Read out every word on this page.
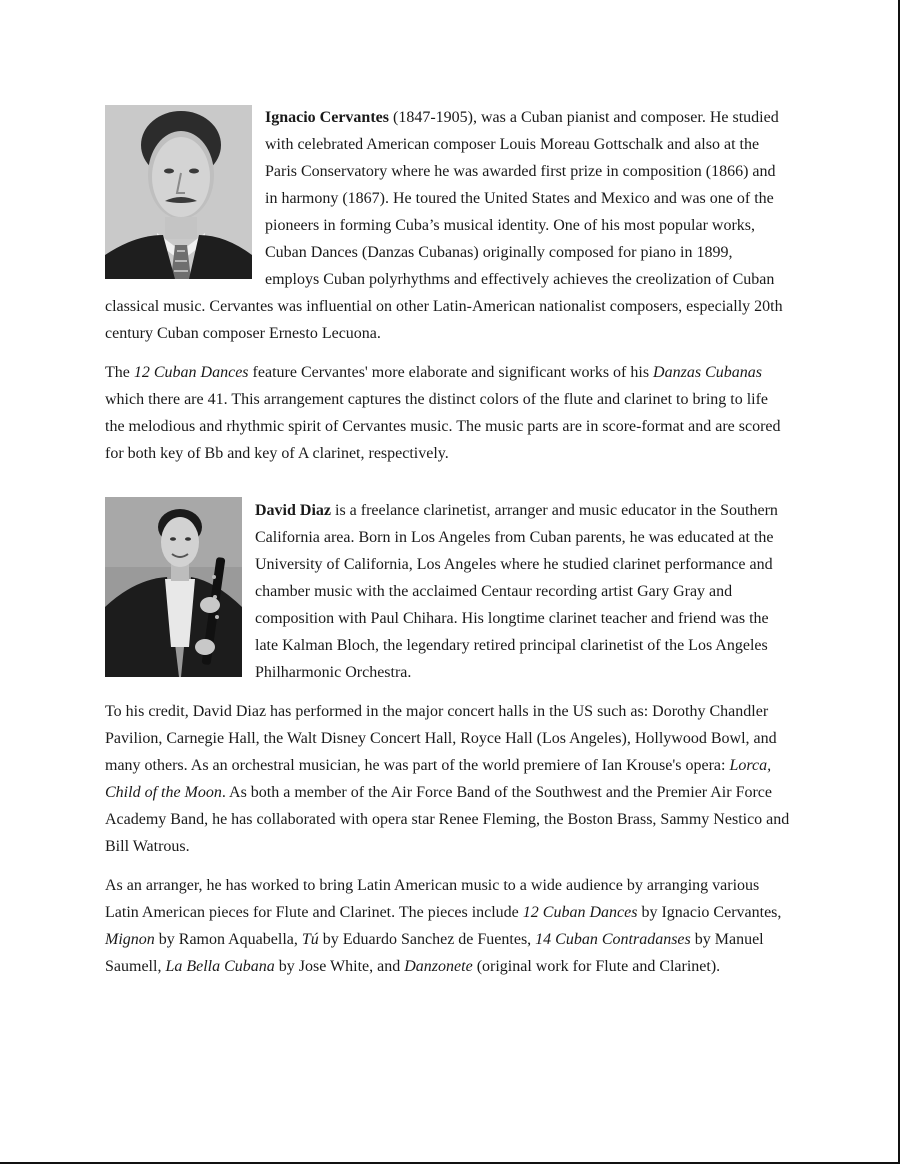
Ignacio Cervantes (1847-1905), was a Cuban pianist and composer. He studied with celebrated American composer Louis Moreau Gottschalk and also at the Paris Conservatory where he was awarded first prize in composition (1866) and in harmony (1867). He toured the United States and Mexico and was one of the pioneers in forming Cuba’s musical identity. One of his most popular works, Cuban Dances (Danzas Cubanas) originally composed for piano in 1899, employs Cuban polyrhythms and effectively achieves the creolization of Cuban classical music. Cervantes was influential on other Latin-American nationalist composers, especially 20th century Cuban composer Ernesto Lecuona.

The 12 Cuban Dances feature Cervantes' more elaborate and significant works of his Danzas Cubanas which there are 41. This arrangement captures the distinct colors of the flute and clarinet to bring to life the melodious and rhythmic spirit of Cervantes music. The music parts are in score-format and are scored for both key of Bb and key of A clarinet, respectively.

David Diaz is a freelance clarinetist, arranger and music educator in the Southern California area. Born in Los Angeles from Cuban parents, he was educated at the University of California, Los Angeles where he studied clarinet performance and chamber music with the acclaimed Centaur recording artist Gary Gray and composition with Paul Chihara. His longtime clarinet teacher and friend was the late Kalman Bloch, the legendary retired principal clarinetist of the Los Angeles Philharmonic Orchestra.

To his credit, David Diaz has performed in the major concert halls in the US such as: Dorothy Chandler Pavilion, Carnegie Hall, the Walt Disney Concert Hall, Royce Hall (Los Angeles), Hollywood Bowl, and many others. As an orchestral musician, he was part of the world premiere of Ian Krouse's opera: Lorca, Child of the Moon. As both a member of the Air Force Band of the Southwest and the Premier Air Force Academy Band, he has collaborated with opera star Renee Fleming, the Boston Brass, Sammy Nestico and Bill Watrous.

As an arranger, he has worked to bring Latin American music to a wide audience by arranging various Latin American pieces for Flute and Clarinet. The pieces include 12 Cuban Dances by Ignacio Cervantes, Mignon by Ramon Aquabella, Tú by Eduardo Sanchez de Fuentes, 14 Cuban Contradanses by Manuel Saumell, La Bella Cubana by Jose White, and Danzonete (original work for Flute and Clarinet).
